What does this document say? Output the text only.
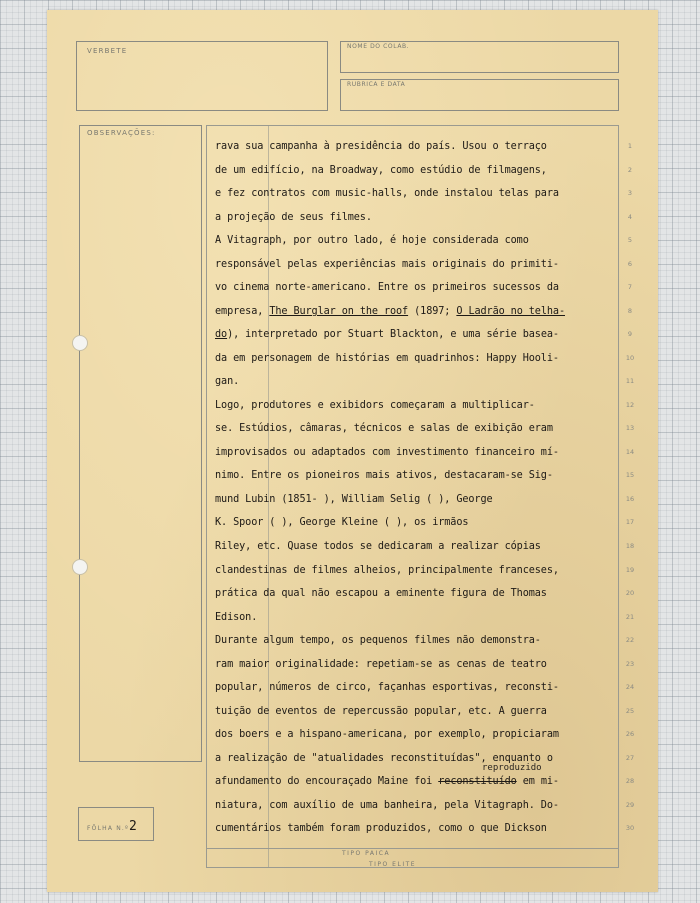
VERBETE
NOME DO COLAB.
RUBRICA E DATA
OBSERVAÇÕES:
FÔLHA N.º 2
TIPO PAICA
TIPO ELITE
rava sua campanha à presidência do país. Usou o terraço	1
de um edifício, na Broadway, como estúdio de filmagens,	2
e fez contratos com music-halls, onde instalou telas para	3
a projeção de seus filmes.	4
A Vitagraph, por outro lado, é hoje considerada como	5
responsável pelas experiências mais originais do primiti-	6
vo cinema norte-americano. Entre os primeiros sucessos da	7
empresa, The Burglar on the roof (1897; O Ladrão no telha-	8
do), interpretado por Stuart Blackton, e uma série basea-	9
da em personagem de histórias em quadrinhos: Happy Hooli-	10
gan.	11
Logo, produtores e exibidors começaram a multiplicar-	12
se. Estúdios, câmaras, técnicos e salas de exibição eram	13
improvisados ou adaptados com investimento financeiro mí-	14
nimo. Entre os pioneiros mais ativos, destacaram-se Sig-	15
mund Lubin (1851- ), William Selig ( ), George	16
K. Spoor ( ), George Kleine ( ), os irmãos	17
Riley, etc. Quase todos se dedicaram a realizar cópias	18
clandestinas de filmes alheios, principalmente franceses,	19
prática da qual não escapou a eminente figura de Thomas	20
Edison.	21
Durante algum tempo, os pequenos filmes não demonstra-	22
ram maior originalidade: repetiam-se as cenas de teatro	23
popular, números de circo, façanhas esportivas, reconsti-	24
tuição de eventos de repercussão popular, etc. A guerra	25
dos boers e a hispano-americana, por exemplo, propiciaram	26
a realização de "atualidades reconstituídas", enquanto o	27
afundamento do encouraçado Maine foi reconstituído em mi-	28
niatura, com auxílio de uma banheira, pela Vitagraph. Do-	29
cumentários também foram produzidos, como o que Dickson	30
reproduzido
